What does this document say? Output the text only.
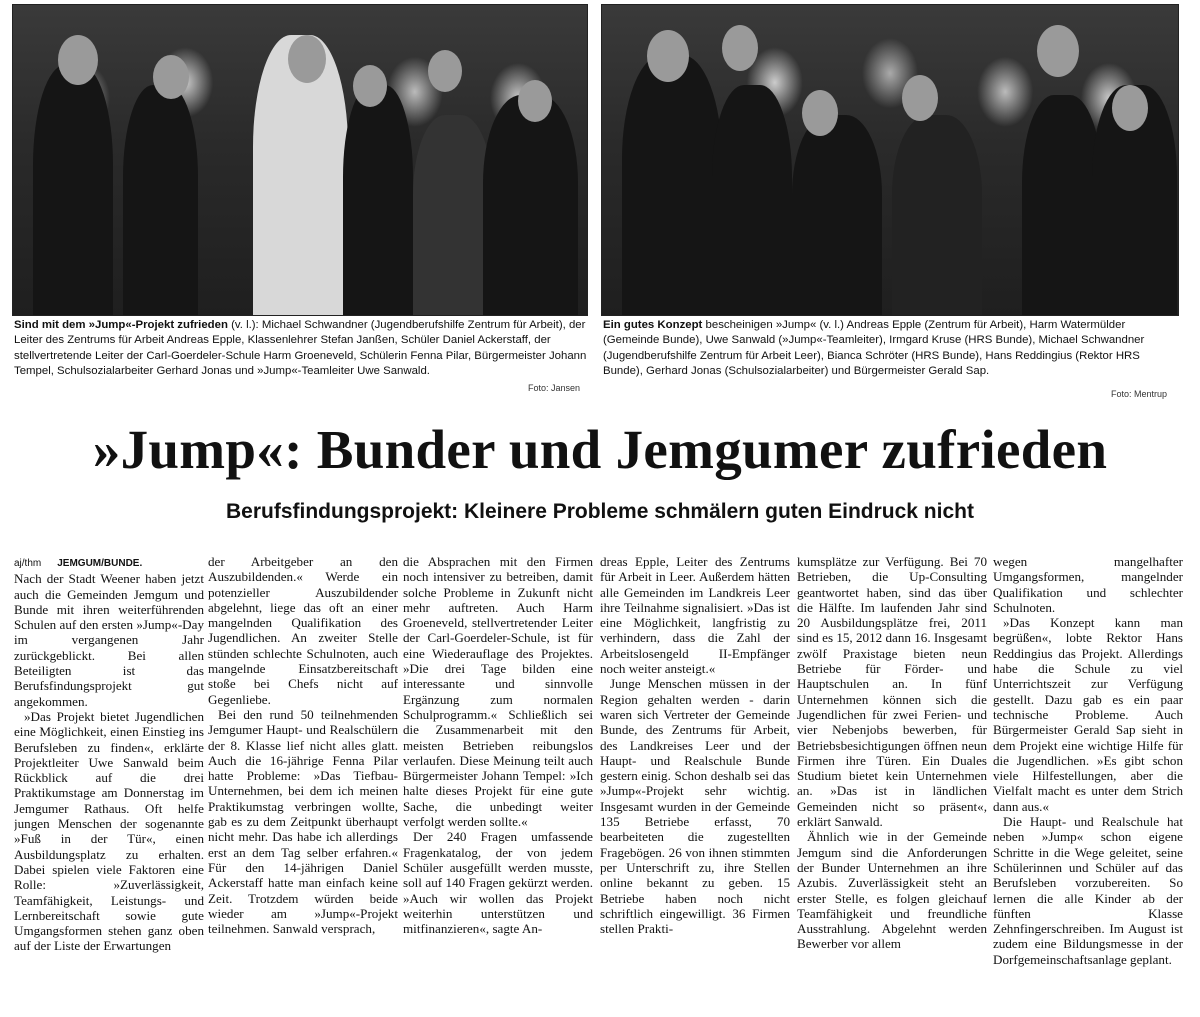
Sind mit dem »Jump«-Projekt zufrieden (v. l.): Michael Schwandner (Jugendberufshilfe Zentrum für Arbeit), der Leiter des Zentrums für Arbeit Andreas Epple, Klassenlehrer Stefan Janßen, Schüler Daniel Ackerstaff, der stellvertretende Leiter der Carl-Goerdeler-Schule Harm Groeneveld, Schülerin Fenna Pilar, Bürgermeister Johann Tempel, Schulsozialarbeiter Gerhard Jonas und »Jump«-Teamleiter Uwe Sanwald.
Foto: Jansen
Ein gutes Konzept bescheinigen »Jump« (v. l.) Andreas Epple (Zentrum für Arbeit), Harm Watermülder (Gemeinde Bunde), Uwe Sanwald (»Jump«-Teamleiter), Irmgard Kruse (HRS Bunde), Michael Schwandner (Jugendberufshilfe Zentrum für Arbeit Leer), Bianca Schröter (HRS Bunde), Hans Reddingius (Rektor HRS Bunde), Gerhard Jonas (Schulsozialarbeiter) und Bürgermeister Gerald Sap.
Foto: Mentrup
»Jump«: Bunder und Jemgumer zufrieden
Berufsfindungsprojekt: Kleinere Probleme schmälern guten Eindruck nicht
aj/thm JEMGUM/BUNDE.

Nach der Stadt Weener haben jetzt auch die Gemeinden Jemgum und Bunde mit ihren weiterführenden Schulen auf den ersten »Jump«-Day im vergangenen Jahr zurückgeblickt. Bei allen Beteiligten ist das Berufsfindungsprojekt gut angekommen.

»Das Projekt bietet Jugendlichen eine Möglichkeit, einen Einstieg ins Berufsleben zu finden«, erklärte Projektleiter Uwe Sanwald beim Rückblick auf die drei Praktikumstage am Donnerstag im Jemgumer Rathaus. Oft helfe jungen Menschen der sogenannte »Fuß in der Tür«, einen Ausbildungsplatz zu erhalten. Dabei spielen viele Faktoren eine Rolle: »Zuverlässigkeit, Teamfähigkeit, Leistungs- und Lernbereitschaft sowie gute Umgangsformen stehen ganz oben auf der Liste der Erwartungen

der Arbeitgeber an den Auszubildenden.« Werde ein potenzieller Auszubildender abgelehnt, liege das oft an einer mangelnden Qualifikation des Jugendlichen. An zweiter Stelle stünden schlechte Schulnoten, auch mangelnde Einsatzbereitschaft stoße bei Chefs nicht auf Gegenliebe.

Bei den rund 50 teilnehmenden Jemgumer Haupt- und Realschülern der 8. Klasse lief nicht alles glatt. Auch die 16-jährige Fenna Pilar hatte Probleme: »Das Tiefbau-Unternehmen, bei dem ich meinen Praktikumstag verbringen wollte, gab es zu dem Zeitpunkt überhaupt nicht mehr. Das habe ich allerdings erst an dem Tag selber erfahren.« Für den 14-jährigen Daniel Ackerstaff hatte man einfach keine Zeit. Trotzdem würden beide wieder am »Jump«-Projekt teilnehmen. Sanwald versprach,

die Absprachen mit den Firmen noch intensiver zu betreiben, damit solche Probleme in Zukunft nicht mehr auftreten. Auch Harm Groeneveld, stellvertretender Leiter der Carl-Goerdeler-Schule, ist für eine Wiederauflage des Projektes. »Die drei Tage bilden eine interessante und sinnvolle Ergänzung zum normalen Schulprogramm.« Schließlich sei die Zusammenarbeit mit den meisten Betrieben reibungslos verlaufen. Diese Meinung teilt auch Bürgermeister Johann Tempel: »Ich halte dieses Projekt für eine gute Sache, die unbedingt weiter verfolgt werden sollte.«

Der 240 Fragen umfassende Fragenkatalog, der von jedem Schüler ausgefüllt werden musste, soll auf 140 Fragen gekürzt werden. »Auch wir wollen das Projekt weiterhin unterstützen und mitfinanzieren«, sagte An-

dreas Epple, Leiter des Zentrums für Arbeit in Leer. Außerdem hätten alle Gemeinden im Landkreis Leer ihre Teilnahme signalisiert. »Das ist eine Möglichkeit, langfristig zu verhindern, dass die Zahl der Arbeitslosengeld II-Empfänger noch weiter ansteigt.«

Junge Menschen müssen in der Region gehalten werden - darin waren sich Vertreter der Gemeinde Bunde, des Zentrums für Arbeit, des Landkreises Leer und der Haupt- und Realschule Bunde gestern einig. Schon deshalb sei das »Jump«-Projekt sehr wichtig. Insgesamt wurden in der Gemeinde 135 Betriebe erfasst, 70 bearbeiteten die zugestellten Fragebögen. 26 von ihnen stimmten per Unterschrift zu, ihre Stellen online bekannt zu geben. 15 Betriebe haben noch nicht schriftlich eingewilligt. 36 Firmen stellen Prakti-

kumsplätze zur Verfügung. Bei 70 Betrieben, die Up-Consulting geantwortet haben, sind das über die Hälfte. Im laufenden Jahr sind 20 Ausbildungsplätze frei, 2011 sind es 15, 2012 dann 16. Insgesamt zwölf Praxistage bieten neun Betriebe für Förder- und Hauptschulen an. In fünf Unternehmen können sich die Jugendlichen für zwei Ferien- und vier Nebenjobs bewerben, für Betriebsbesichtigungen öffnen neun Firmen ihre Türen. Ein Duales Studium bietet kein Unternehmen an. »Das ist in ländlichen Gemeinden nicht so präsent«, erklärt Sanwald.

Ähnlich wie in der Gemeinde Jemgum sind die Anforderungen der Bunder Unternehmen an ihre Azubis. Zuverlässigkeit steht an erster Stelle, es folgen gleichauf Teamfähigkeit und freundliche Ausstrahlung. Abgelehnt werden Bewerber vor allem

wegen mangelhafter Umgangsformen, mangelnder Qualifikation und schlechter Schulnoten.

»Das Konzept kann man begrüßen«, lobte Rektor Hans Reddingius das Projekt. Allerdings habe die Schule zu viel Unterrichtszeit zur Verfügung gestellt. Dazu gab es ein paar technische Probleme. Auch Bürgermeister Gerald Sap sieht in dem Projekt eine wichtige Hilfe für die Jugendlichen. »Es gibt schon viele Hilfestellungen, aber die Vielfalt macht es unter dem Strich dann aus.«

Die Haupt- und Realschule hat neben »Jump« schon eigene Schritte in die Wege geleitet, seine Schülerinnen und Schüler auf das Berufsleben vorzubereiten. So lernen die alle Kinder ab der fünften Klasse Zehnfingerschreiben. Im August ist zudem eine Bildungsmesse in der Dorfgemeinschaftsanlage geplant.
